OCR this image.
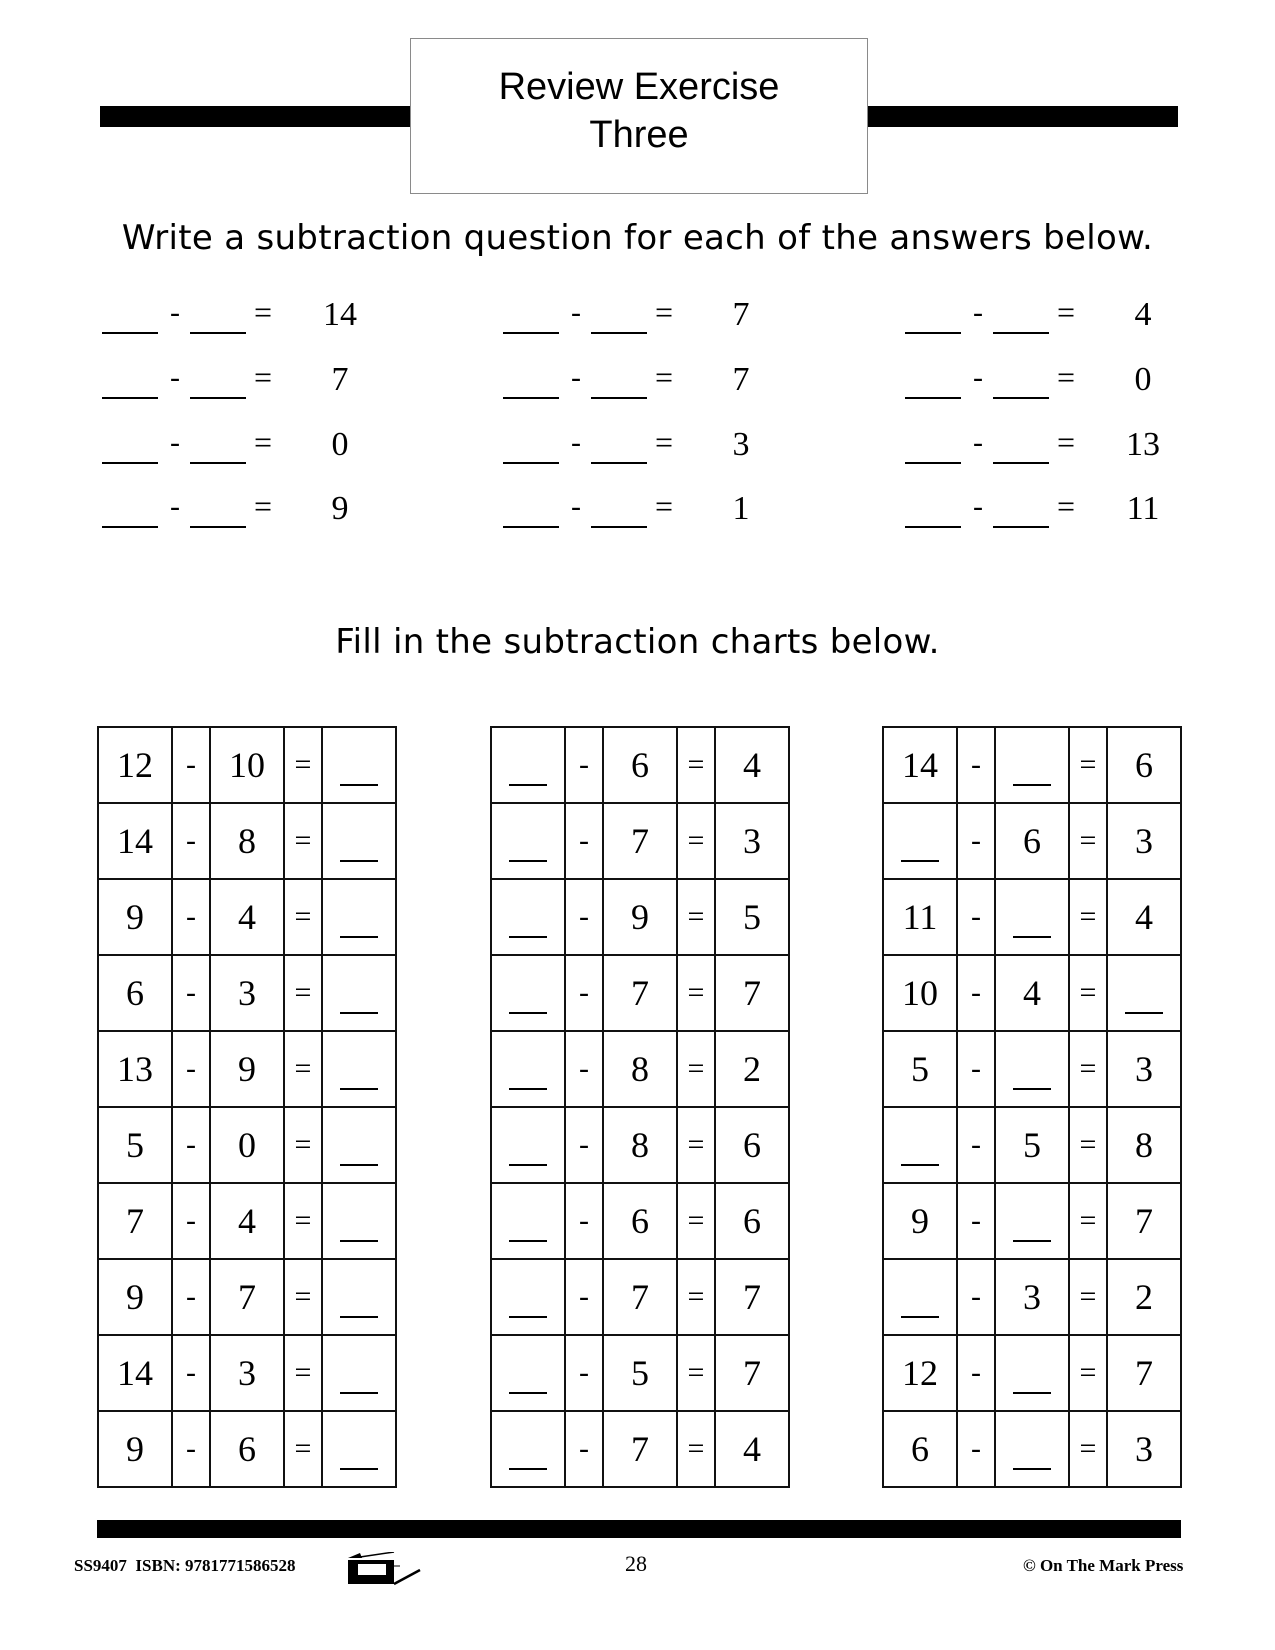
Review Exercise
Three
Write a subtraction question for each of the answers below.
- =	14
- =	7
- =	0
- =	9
- =	7
- =	7
- =	3
- =	1
- =	4
- =	0
- =	13
- =	11
Fill in the subtraction charts below.
12	-	10	=	

14	-	8	=	

9	-	4	=	

6	-	3	=	

13	-	9	=	

5	-	0	=	

7	-	4	=	

9	-	7	=	

14	-	3	=	

9	-	6	=	
	-	6	=	4

	-	7	=	3

	-	9	=	5

	-	7	=	7

	-	8	=	2

	-	8	=	6

	-	6	=	6

	-	7	=	7

	-	5	=	7

	-	7	=	4
14	-		=	6

	-	6	=	3
11	-		=	4
10	-	4	=	

5	-		=	3

	-	5	=	8
9	-		=	7

	-	3	=	2
12	-		=	7
6	-		=	3
SS9407  ISBN: 9781771586528	28	© On The Mark Press
